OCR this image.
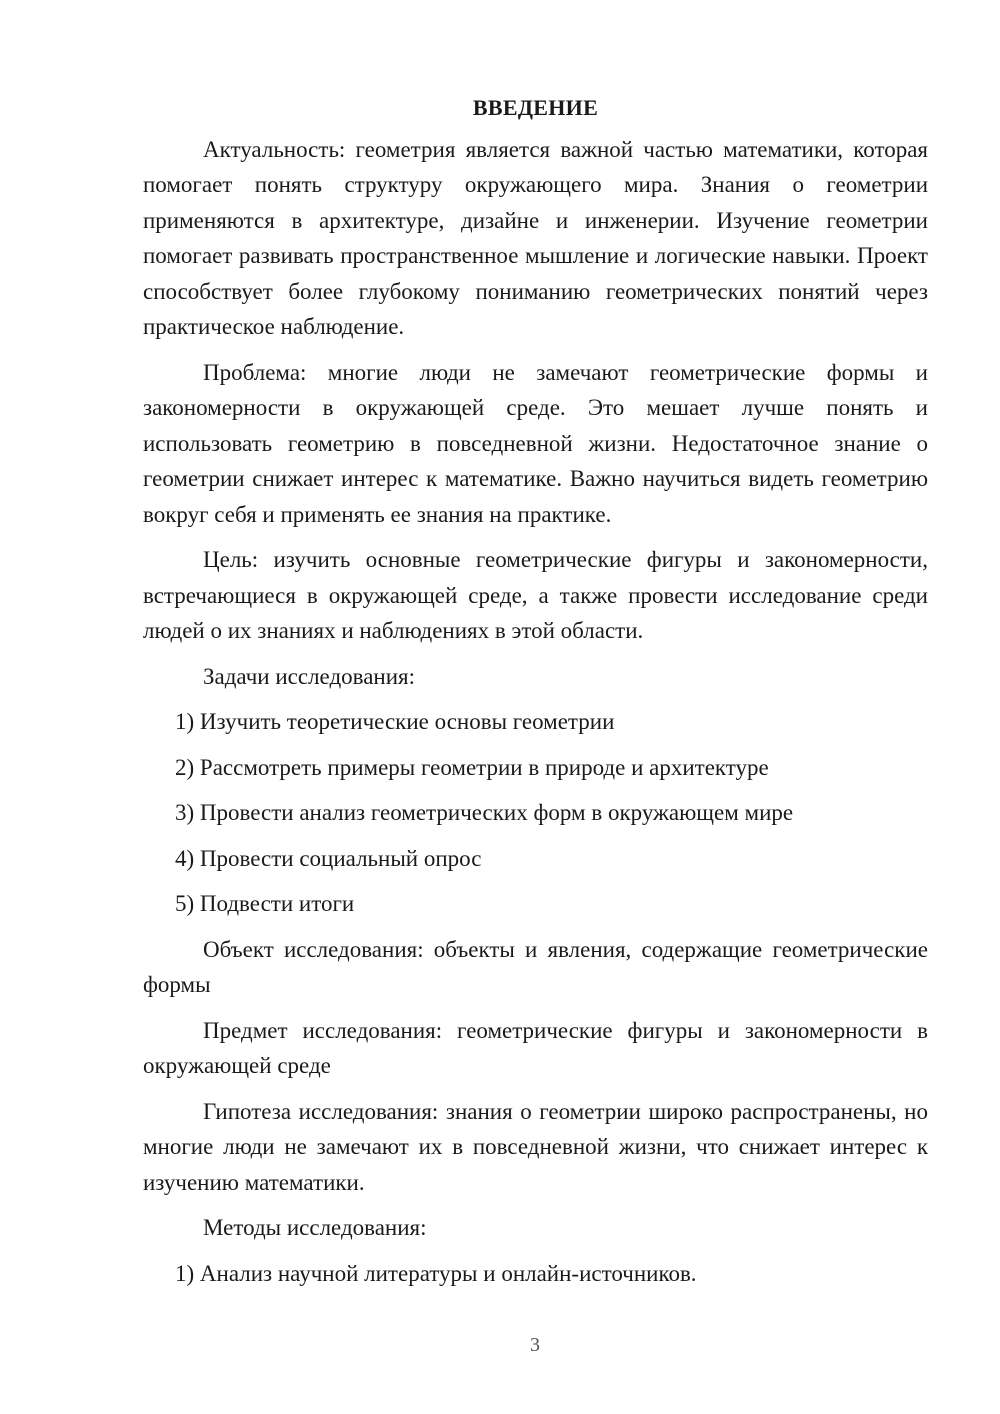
ВВЕДЕНИЕ

Актуальность: геометрия является важной частью математики, которая помогает понять структуру окружающего мира. Знания о геометрии применяются в архитектуре, дизайне и инженерии. Изучение геометрии помогает развивать пространственное мышление и логические навыки. Проект способствует более глубокому пониманию геометрических понятий через практическое наблюдение.

Проблема: многие люди не замечают геометрические формы и закономерности в окружающей среде. Это мешает лучше понять и использовать геометрию в повседневной жизни. Недостаточное знание о геометрии снижает интерес к математике. Важно научиться видеть геометрию вокруг себя и применять ее знания на практике.

Цель: изучить основные геометрические фигуры и закономерности, встречающиеся в окружающей среде, а также провести исследование среди людей о их знаниях и наблюдениях в этой области.

Задачи исследования:

1) Изучить теоретические основы геометрии
2) Рассмотреть примеры геометрии в природе и архитектуре
3) Провести анализ геометрических форм в окружающем мире
4) Провести социальный опрос
5) Подвести итоги

Объект исследования: объекты и явления, содержащие геометрические формы

Предмет исследования: геометрические фигуры и закономерности в окружающей среде

Гипотеза исследования: знания о геометрии широко распространены, но многие люди не замечают их в повседневной жизни, что снижает интерес к изучению математики.

Методы исследования:

1) Анализ научной литературы и онлайн-источников.
3
